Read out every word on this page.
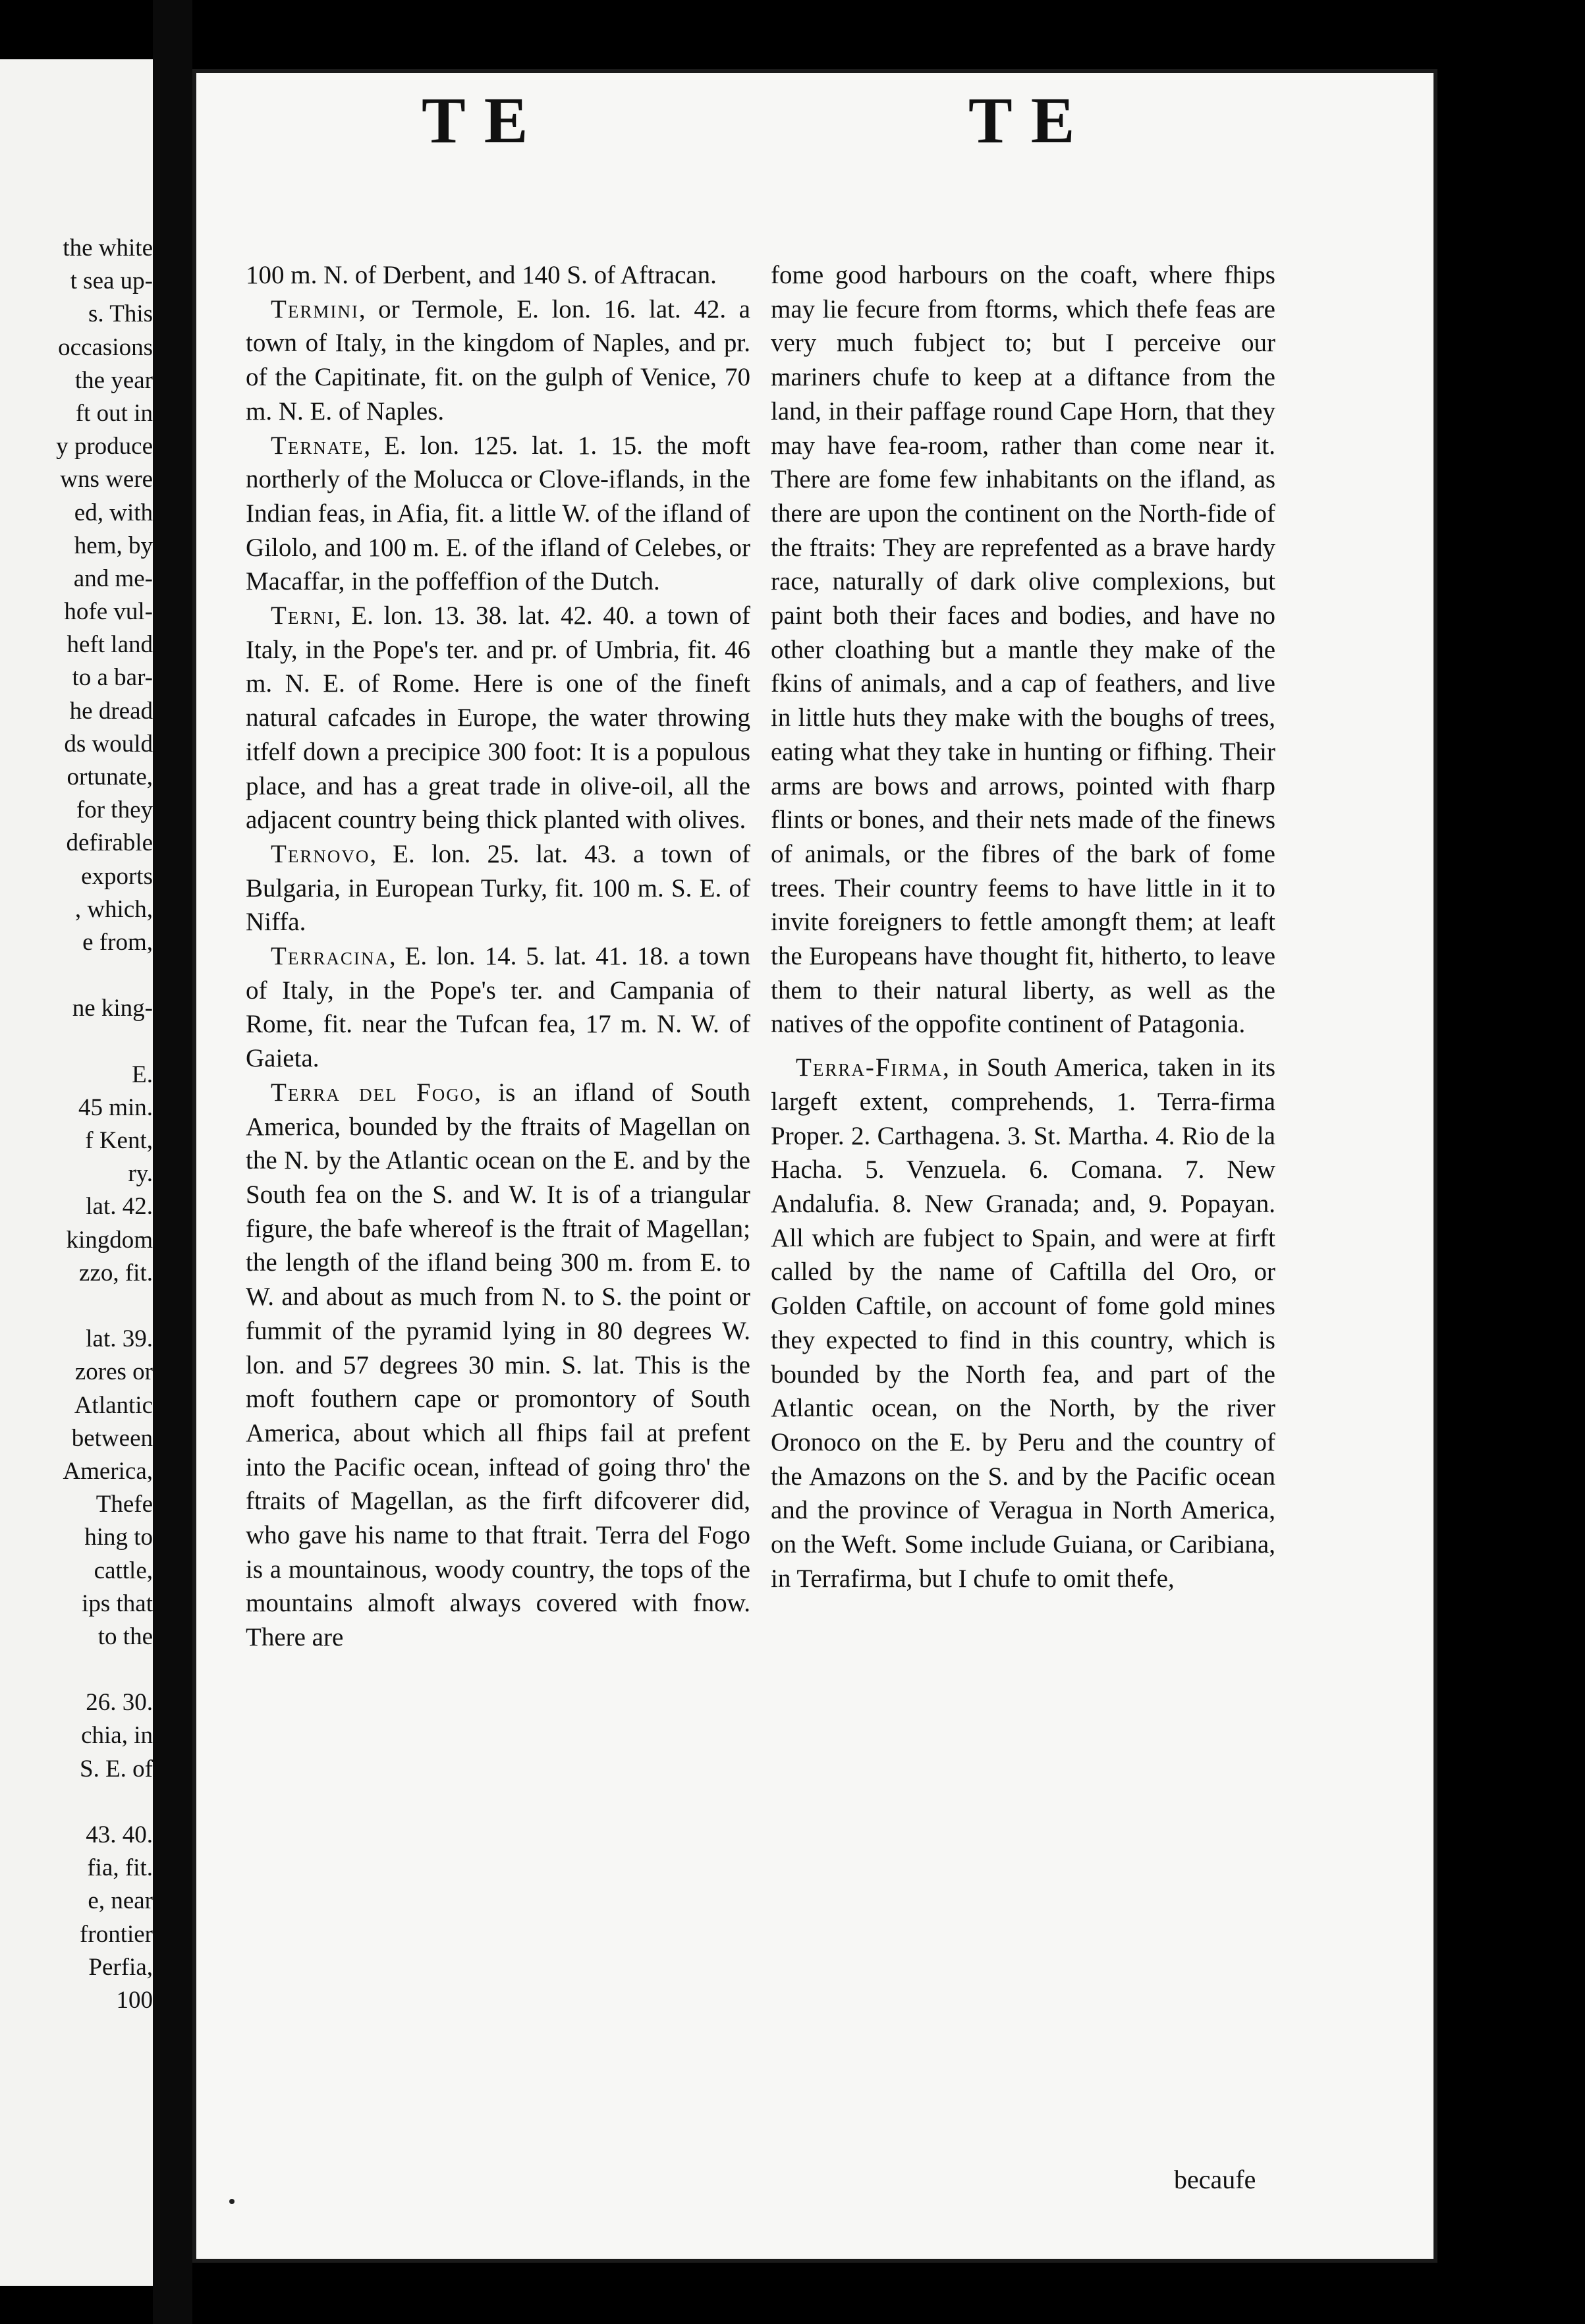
the white
t sea up-
s. This
occasions
the year
ft out in
y produce
wns were
ed, with
hem, by
and me-
hofe vul-
heft land
to a bar-
he dread
ds would
ortunate,
for they
defirable
exports
, which,
e from,
ne king-
E.
45 min.
f Kent,
ry.
lat. 42.
kingdom
zzo, fit.
lat. 39.
zores or
Atlantic
between
America,
Thefe
hing to
cattle,
ips that
to the
26. 30.
chia, in
S. E. of
43. 40.
fia, fit.
e, near
frontier
Perfia,
100
TE	TE

100 m. N. of Derbent, and 140 S. of Aftracan.

Termini, or Termole, E. lon. 16. lat. 42. a town of Italy, in the kingdom of Naples, and pr. of the Capitinate, fit. on the gulph of Venice, 70 m. N. E. of Naples.

Ternate, E. lon. 125. lat. 1. 15. the moft northerly of the Molucca or Clove-iflands, in the Indian feas, in Afia, fit. a little W. of the ifland of Gilolo, and 100 m. E. of the ifland of Celebes, or Macaffar, in the poffeffion of the Dutch.

Terni, E. lon. 13. 38. lat. 42. 40. a town of Italy, in the Pope's ter. and pr. of Umbria, fit. 46 m. N. E. of Rome. Here is one of the fineft natural cafcades in Europe, the water throwing itfelf down a precipice 300 foot: It is a populous place, and has a great trade in olive-oil, all the adjacent country being thick planted with olives.

Ternovo, E. lon. 25. lat. 43. a town of Bulgaria, in European Turky, fit. 100 m. S. E. of Niffa.

Terracina, E. lon. 14. 5. lat. 41. 18. a town of Italy, in the Pope's ter. and Campania of Rome, fit. near the Tufcan fea, 17 m. N. W. of Gaieta.

Terra del Fogo, is an ifland of South America, bounded by the ftraits of Magellan on the N. by the Atlantic ocean on the E. and by the South fea on the S. and W. It is of a triangular figure, the bafe whereof is the ftrait of Magellan; the length of the ifland being 300 m. from E. to W. and about as much from N. to S. the point or fummit of the pyramid lying in 80 degrees W. lon. and 57 degrees 30 min. S. lat. This is the moft fouthern cape or promontory of South America, about which all fhips fail at prefent into the Pacific ocean, inftead of going thro' the ftraits of Magellan, as the firft difcoverer did, who gave his name to that ftrait. Terra del Fogo is a mountainous, woody country, the tops of the mountains almoft always covered with fnow. There are

fome good harbours on the coaft, where fhips may lie fecure from ftorms, which thefe feas are very much fubject to; but I perceive our mariners chufe to keep at a diftance from the land, in their paffage round Cape Horn, that they may have fea-room, rather than come near it. There are fome few inhabitants on the ifland, as there are upon the continent on the North-fide of the ftraits: They are reprefented as a brave hardy race, naturally of dark olive complexions, but paint both their faces and bodies, and have no other cloathing but a mantle they make of the fkins of animals, and a cap of feathers, and live in little huts they make with the boughs of trees, eating what they take in hunting or fifhing. Their arms are bows and arrows, pointed with fharp flints or bones, and their nets made of the finews of animals, or the fibres of the bark of fome trees. Their country feems to have little in it to invite foreigners to fettle amongft them; at leaft the Europeans have thought fit, hitherto, to leave them to their natural liberty, as well as the natives of the oppofite continent of Patagonia.

Terra-Firma, in South America, taken in its largeft extent, comprehends, 1. Terra-firma Proper. 2. Carthagena. 3. St. Martha. 4. Rio de la Hacha. 5. Venzuela. 6. Comana. 7. New Andalufia. 8. New Granada; and, 9. Popayan. All which are fubject to Spain, and were at firft called by the name of Caftilla del Oro, or Golden Caftile, on account of fome gold mines they expected to find in this country, which is bounded by the North fea, and part of the Atlantic ocean, on the North, by the river Oronoco on the E. by Peru and the country of the Amazons on the S. and by the Pacific ocean and the province of Veragua in North America, on the Weft. Some include Guiana, or Caribiana, in Terrafirma, but I chufe to omit thefe,

becaufe
